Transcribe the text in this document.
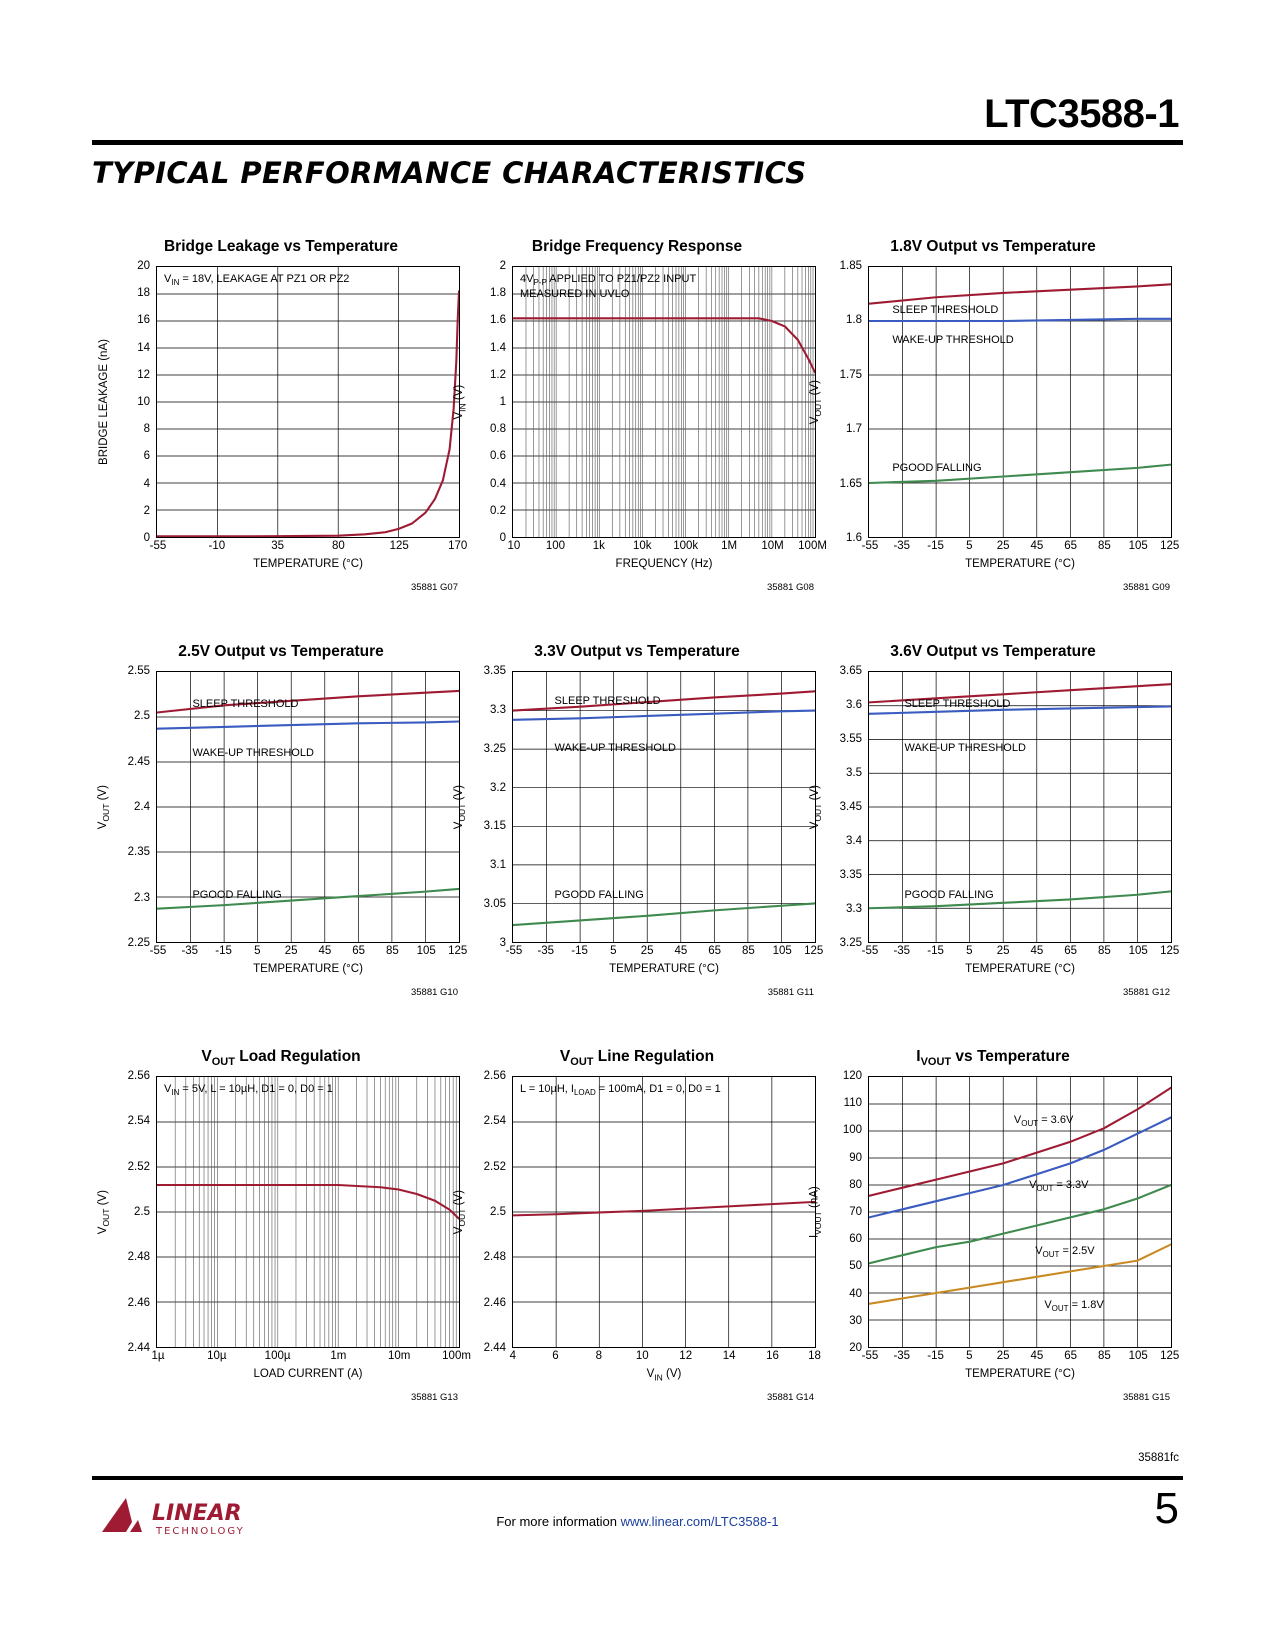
LTC3588-1
TYPICAL PERFORMANCE CHARACTERISTICS
Bridge Leakage vs Temperature
BRIDGE LEAKAGE (nA)
0
2
4
6
8
10
12
14
16
18
20
$V_{IN} = 18V$, LEAKAGE AT PZ1 OR PZ2
-55	-10	35	80	125	170
TEMPERATURE (°C)
35881 G07
Bridge Frequency Response
$V_{IN}$ (V)
0
0.2
0.4
0.6
0.8
1
1.2
1.4
1.6
1.8
2
$4V_{P-P}$ APPLIED TO PZ1/PZ2 INPUT
MEASURED IN UVLO
10 100 1k 10k 100k 1M 10M 100M
FREQUENCY (Hz)
35881 G08
1.8V Output vs Temperature
$V_{OUT}$ (V)
1.6
1.65
1.7
1.75
1.8
1.85
SLEEP THRESHOLD
WAKE-UP THRESHOLD
PGOOD FALLING
-55 -35 -15 5 25 45 65 85 105 125
TEMPERATURE (°C)
35881 G09
2.5V Output vs Temperature
$V_{OUT}$ (V)
2.25
2.3
2.35
2.4
2.45
2.5
2.55
SLEEP THRESHOLD
WAKE-UP THRESHOLD
PGOOD FALLING
-55 -35 -15 5 25 45 65 85 105 125
TEMPERATURE (°C)
35881 G10
3.3V Output vs Temperature
$V_{OUT}$ (V)
3
3.05
3.1
3.15
3.2
3.25
3.3
3.35
SLEEP THRESHOLD
WAKE-UP THRESHOLD
PGOOD FALLING
-55 -35 -15 5 25 45 65 85 105 125
TEMPERATURE (°C)
35881 G11
3.6V Output vs Temperature
$V_{OUT}$ (V)
3.25
3.3
3.35
3.4
3.45
3.5
3.55
3.6
3.65
SLEEP THRESHOLD
WAKE-UP THRESHOLD
PGOOD FALLING
-55 -35 -15 5 25 45 65 85 105 125
TEMPERATURE (°C)
35881 G12
$V_{OUT}$ Load Regulation
$V_{OUT}$ (V)
2.44
2.46
2.48
2.5
2.52
2.54
2.56
$V_{IN} = 5V$, L = 10µH, D1 = 0, D0 = 1
1µ	10µ	100µ	1m	10m	100m
LOAD CURRENT (A)
35881 G13
$V_{OUT}$ Line Regulation
$V_{OUT}$ (V)
2.44
2.46
2.48
2.5
2.52
2.54
2.56
L = 10µH, $I_{LOAD} = 100mA$, D1 = 0, D0 = 1
4	6	8	10	12	14	16	18
$V_{IN}$ (V)
35881 G14
$I_{VOUT}$ vs Temperature
$I_{VOUT}$ (nA)
20
30
40
50
60
70
80
90
100
110
120
$V_{OUT} = 3.6V$
$V_{OUT} = 3.3V$
$V_{OUT} = 2.5V$
$V_{OUT} = 1.8V$
-55 -35 -15 5 25 45 65 85 105 125
TEMPERATURE (°C)
35881 G15
35881fc
LINEAR
TECHNOLOGY
For more information www.linear.com/LTC3588-1	5
